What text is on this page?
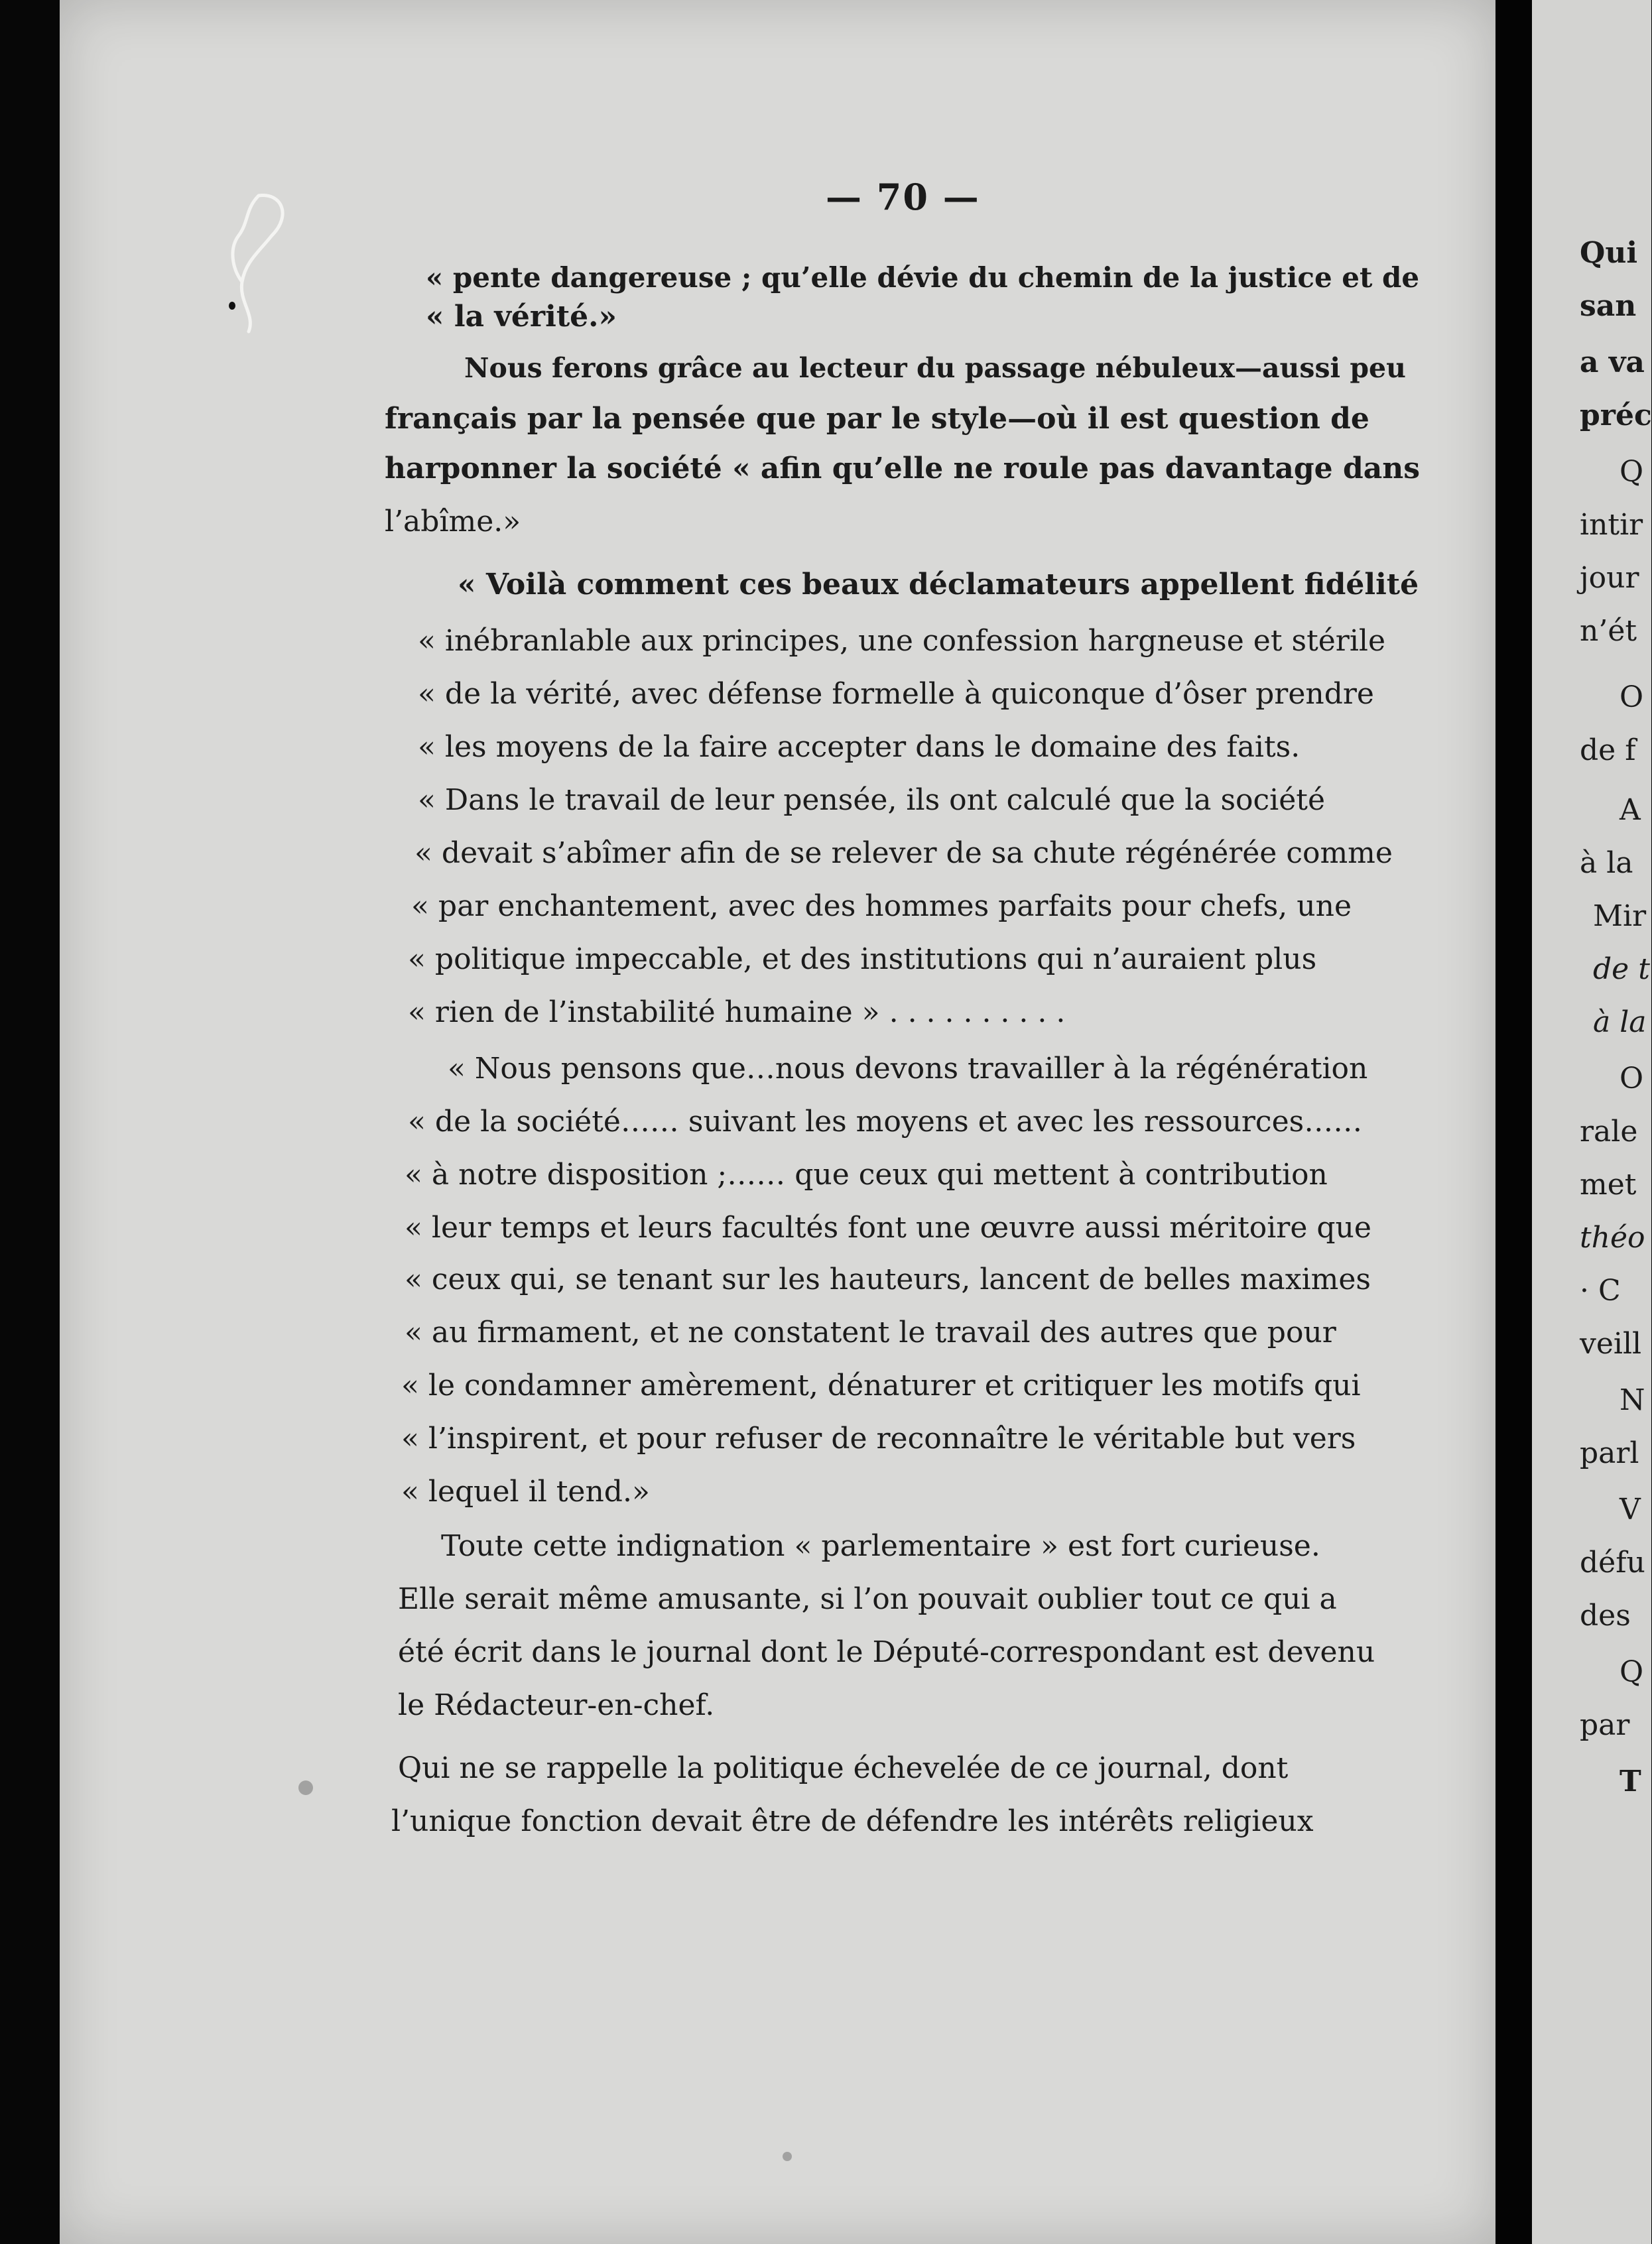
— 70 —
« pente dangereuse ; qu’elle dévie du chemin de la justice et de
« la vérité.»
Nous ferons grâce au lecteur du passage nébuleux—aussi peu
français par la pensée que par le style—où il est question de
harponner la société « afin qu’elle ne roule pas davantage dans
l’abîme.»
« Voilà comment ces beaux déclamateurs appellent fidélité
« inébranlable aux principes, une confession hargneuse et stérile
« de la vérité, avec défense formelle à quiconque d’ôser prendre
« les moyens de la faire accepter dans le domaine des faits.
« Dans le travail de leur pensée, ils ont calculé que la société
« devait s’abîmer afin de se relever de sa chute régénérée comme
« par enchantement, avec des hommes parfaits pour chefs, une
« politique impeccable, et des institutions qui n’auraient plus
« rien de l’instabilité humaine » . . . . . . . . . .
« Nous pensons que…nous devons travailler à la régénération
« de la société…… suivant les moyens et avec les ressources……
« à notre disposition ;…… que ceux qui mettent à contribution
« leur temps et leurs facultés font une œuvre aussi méritoire que
« ceux qui, se tenant sur les hauteurs, lancent de belles maximes
« au firmament, et ne constatent le travail des autres que pour
« le condamner amèrement, dénaturer et critiquer les motifs qui
« l’inspirent, et pour refuser de reconnaître le véritable but vers
« lequel il tend.»
Toute cette indignation « parlementaire » est fort curieuse.
Elle serait même amusante, si l’on pouvait oublier tout ce qui a
été écrit dans le journal dont le Député-correspondant est devenu
le Rédacteur-en-chef.
Qui ne se rappelle la politique échevelée de ce journal, dont
l’unique fonction devait être de défendre les intérêts religieux
Qui
san
a va
préc
Q
intir
jour
n’ét
O
de f
A
à la
Mir
de t
à la
O
rale
met
théo
· C
veill
N
parl
V
défu
des
Q
par
T
